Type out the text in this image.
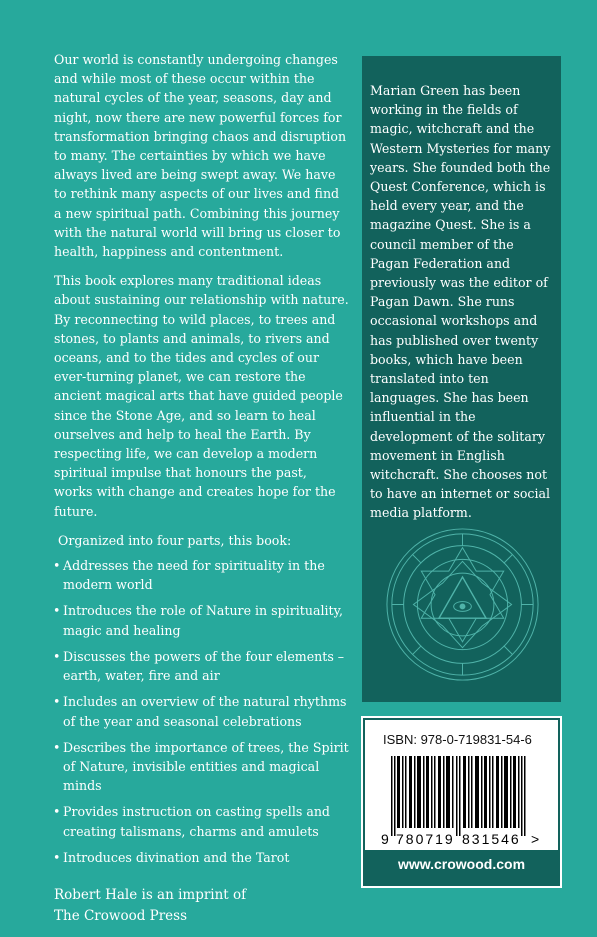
Our world is constantly undergoing changes and while most of these occur within the natural cycles of the year, seasons, day and night, now there are new powerful forces for transformation bringing chaos and disruption to many. The certainties by which we have always lived are being swept away. We have to rethink many aspects of our lives and find a new spiritual path. Combining this journey with the natural world will bring us closer to health, happiness and contentment.

This book explores many traditional ideas about sustaining our relationship with nature. By reconnecting to wild places, to trees and stones, to plants and animals, to rivers and oceans, and to the tides and cycles of our ever-turning planet, we can restore the ancient magical arts that have guided people since the Stone Age, and so learn to heal ourselves and help to heal the Earth. By respecting life, we can develop a modern spiritual impulse that honours the past, works with change and creates hope for the future.

Organized into four parts, this book:

• Addresses the need for spirituality in the modern world
• Introduces the role of Nature in spirituality, magic and healing
• Discusses the powers of the four elements – earth, water, fire and air
• Includes an overview of the natural rhythms of the year and seasonal celebrations
• Describes the importance of trees, the Spirit of Nature, invisible entities and magical minds
• Provides instruction on casting spells and creating talismans, charms and amulets
• Introduces divination and the Tarot

Robert Hale is an imprint of
The Crowood Press

Marian Green has been working in the fields of magic, witchcraft and the Western Mysteries for many years. She founded both the Quest Conference, which is held every year, and the magazine Quest. She is a council member of the Pagan Federation and previously was the editor of Pagan Dawn. She runs occasional workshops and has published over twenty books, which have been translated into ten languages. She has been influential in the development of the solitary movement in English witchcraft. She chooses not to have an internet or social media platform.

ISBN: 978-0-719831-54-6
9 780719 831546 >
www.crowood.com
